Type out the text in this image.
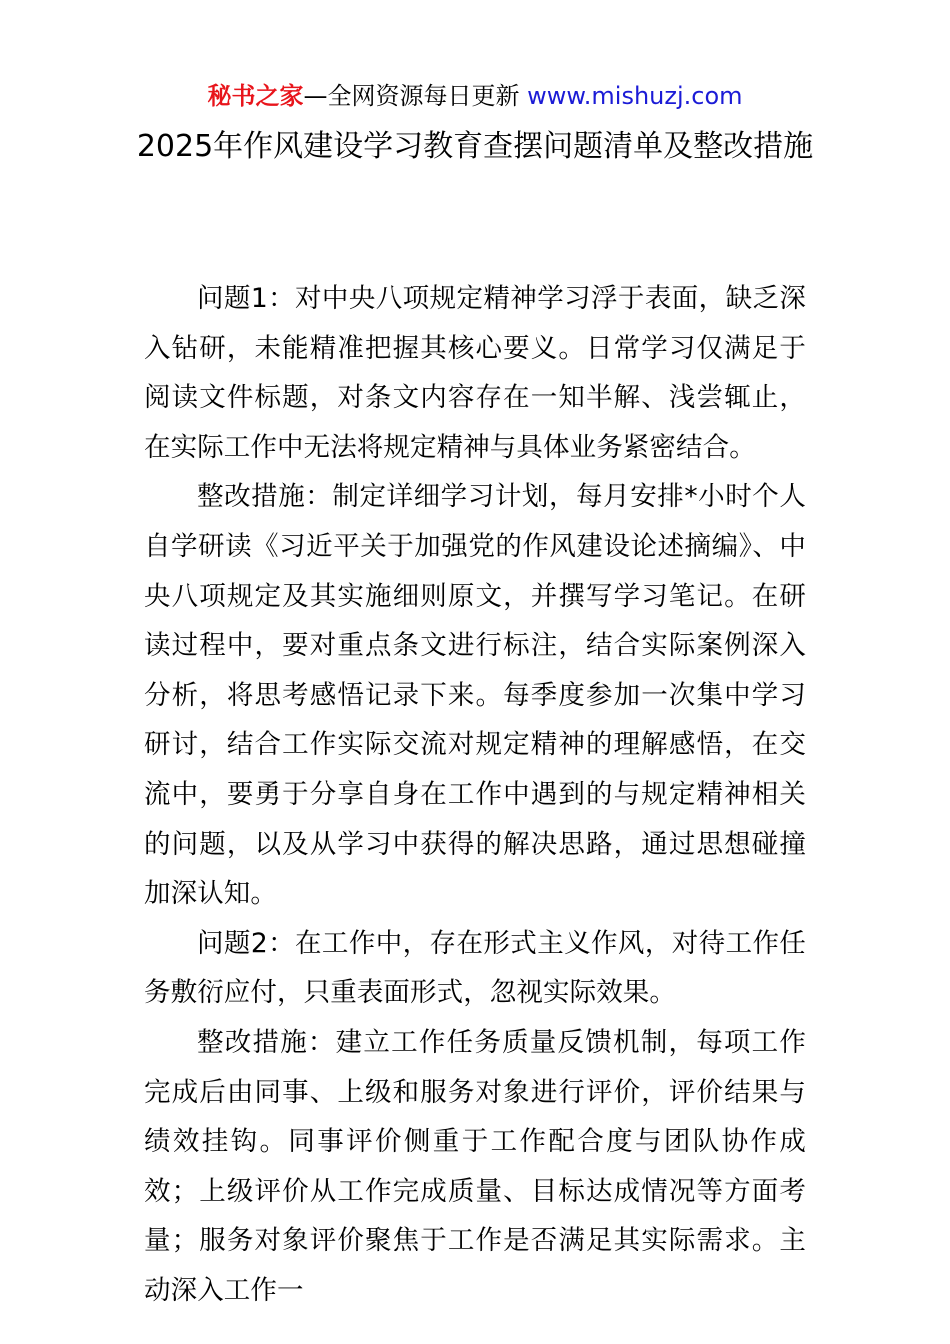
秘书之家—全网资源每日更新 www.mishuzj.com
2025年作风建设学习教育查摆问题清单及整改措施

问题1：对中央八项规定精神学习浮于表面，缺乏深入钻研，未能精准把握其核心要义。日常学习仅满足于阅读文件标题，对条文内容存在一知半解、浅尝辄止，在实际工作中无法将规定精神与具体业务紧密结合。

整改措施：制定详细学习计划，每月安排*小时个人自学研读《习近平关于加强党的作风建设论述摘编》、中央八项规定及其实施细则原文，并撰写学习笔记。在研读过程中，要对重点条文进行标注，结合实际案例深入分析，将思考感悟记录下来。每季度参加一次集中学习研讨，结合工作实际交流对规定精神的理解感悟，在交流中，要勇于分享自身在工作中遇到的与规定精神相关的问题，以及从学习中获得的解决思路，通过思想碰撞加深认知。

问题2：在工作中，存在形式主义作风，对待工作任务敷衍应付，只重表面形式，忽视实际效果。

整改措施：建立工作任务质量反馈机制，每项工作完成后由同事、上级和服务对象进行评价，评价结果与绩效挂钩。同事评价侧重于工作配合度与团队协作成效；上级评价从工作完成质量、目标达成情况等方面考量；服务对象评价聚焦于工作是否满足其实际需求。主动深入工作一
